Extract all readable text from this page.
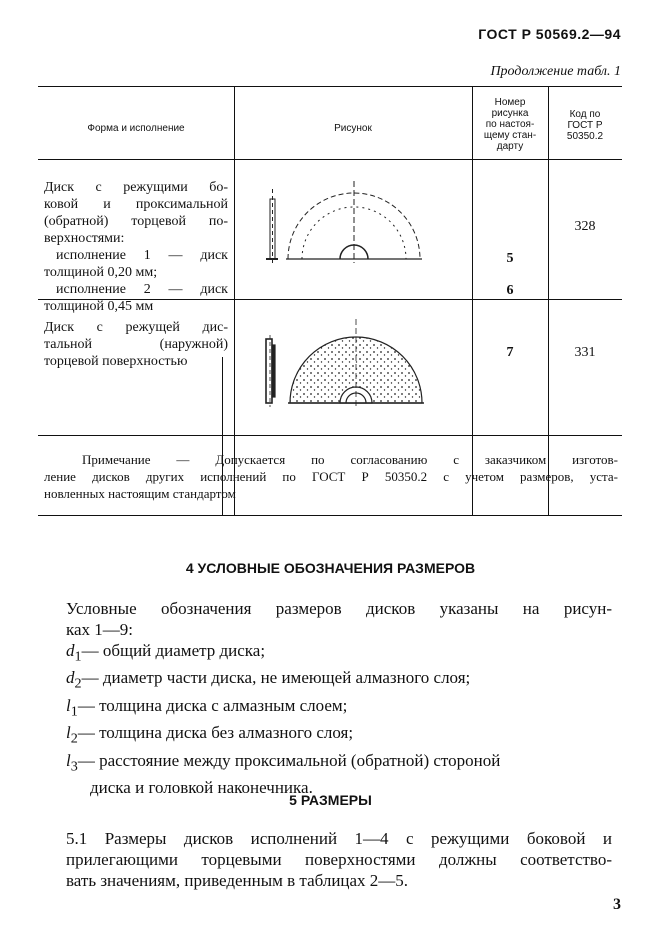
ГОСТ Р 50569.2—94
Продолжение табл. 1
Форма и исполнение	Рисунок
Номер
рисунка
по настоя-
щему стан-
дарту
Код по
ГОСТ Р
50350.2
Диск с режущими бо-
ковой и проксимальной
(обратной) торцевой по-
верхностями:
исполнение 1 — диск
толщиной 0,20 мм;
исполнение 2 — диск
толщиной 0,45 мм
5
6
328
Диск с режущей дис-
тальной (наружной)
торцевой поверхностью
7	331
Примечание — Допускается по согласованию с заказчиком изготов-
ление дисков других исполнений по ГОСТ Р 50350.2 с учетом размеров, уста-
новленных настоящим стандартом
4 УСЛОВНЫЕ ОБОЗНАЧЕНИЯ РАЗМЕРОВ
Условные обозначения размеров дисков указаны на рисун-
ках 1—9:
$d_1—$ общий диаметр диска;
$d_2—$ диаметр части диска, не имеющей алмазного слоя;
$l_1—$ толщина диска с алмазным слоем;
$l_2—$ толщина диска без алмазного слоя;
$l_3—$ расстояние между проксимальной (обратной) стороной
диска и головкой наконечника.
5 РАЗМЕРЫ
5.1 Размеры дисков исполнений 1—4 с режущими боковой и
прилегающими торцевыми поверхностями должны соответство-
вать значениям, приведенным в таблицах 2—5.
3
